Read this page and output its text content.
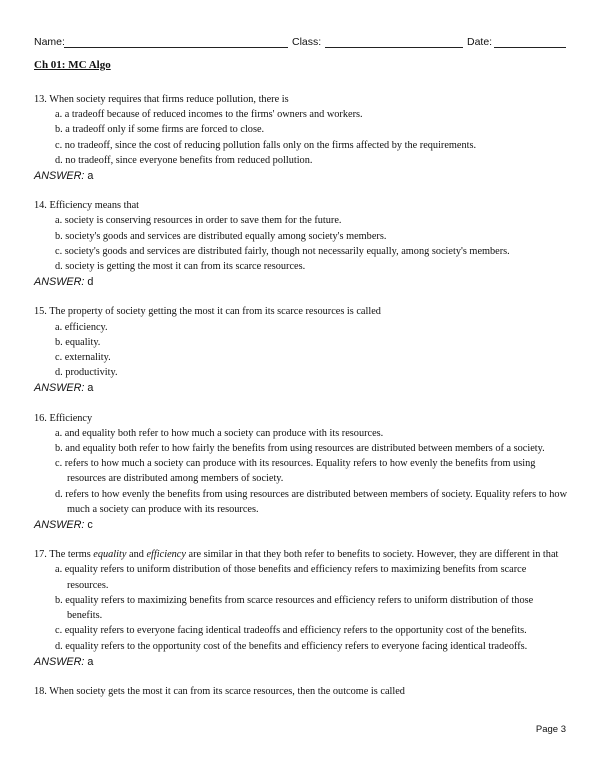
Name:	Class:	Date:
Ch 01: MC Algo

13. When society requires that firms reduce pollution, there is

a. a tradeoff because of reduced incomes to the firms' owners and workers.

b. a tradeoff only if some firms are forced to close.

c. no tradeoff, since the cost of reducing pollution falls only on the firms affected by the requirements.

d. no tradeoff, since everyone benefits from reduced pollution.

ANSWER: a

14. Efficiency means that

a. society is conserving resources in order to save them for the future.

b. society's goods and services are distributed equally among society's members.

c. society's goods and services are distributed fairly, though not necessarily equally, among society's members.

d. society is getting the most it can from its scarce resources.

ANSWER: d

15. The property of society getting the most it can from its scarce resources is called

a. efficiency.

b. equality.

c. externality.

d. productivity.

ANSWER: a

16. Efficiency

a. and equality both refer to how much a society can produce with its resources.

b. and equality both refer to how fairly the benefits from using resources are distributed between members of a society.

c. refers to how much a society can produce with its resources. Equality refers to how evenly the benefits from using resources are distributed among members of society.

d. refers to how evenly the benefits from using resources are distributed between members of society. Equality refers to how much a society can produce with its resources.

ANSWER: c

17. The terms equality and efficiency are similar in that they both refer to benefits to society. However, they are different in that

a. equality refers to uniform distribution of those benefits and efficiency refers to maximizing benefits from scarce resources.

b. equality refers to maximizing benefits from scarce resources and efficiency refers to uniform distribution of those benefits.

c. equality refers to everyone facing identical tradeoffs and efficiency refers to the opportunity cost of the benefits.

d. equality refers to the opportunity cost of the benefits and efficiency refers to everyone facing identical tradeoffs.

ANSWER: a

18. When society gets the most it can from its scarce resources, then the outcome is called

Page 3
